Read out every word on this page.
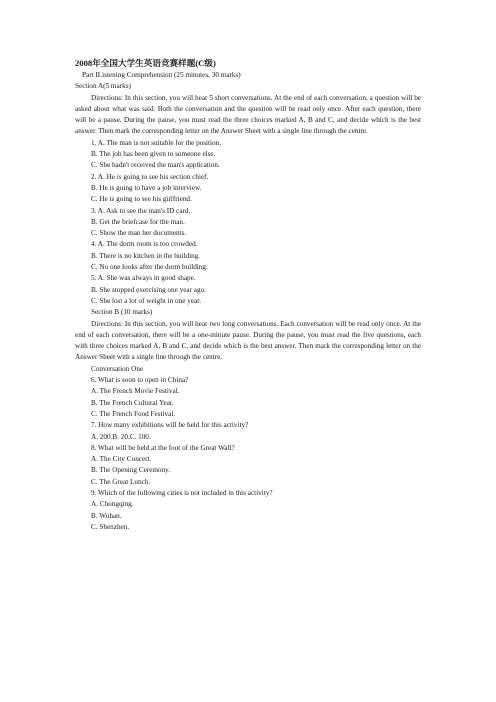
2008年全国大学生英语竞赛样题(C级)
Part IListening Comprehension (25 minutes, 30 marks)
Section A(5 marks)
Directions: In this section, you will hear 5 short conversations. At the end of each conversation, a question will be asked about what was said. Both the conversation and the question will be read only once. After each question, there will be a pause. During the pause, you must read the three choices marked A, B and C, and decide which is the best answer. Then mark the corresponding letter on the Answer Sheet with a single line through the centre.
1. A. The man is not suitable for the position.
B. The job has been given to someone else.
C. She hadn't received the man's application.
2. A. He is going to see his section chief.
B. He is going to have a job interview.
C. He is going to see his girlfriend.
3. A. Ask to see the man's ID card.
B. Get the briefcase for the man.
C. Show the man her documents.
4. A. The dorm room is too crowded.
B. There is no kitchen in the building.
C. No one looks after the dorm building.
5. A. She was always in good shape.
B. She stopped exercising one year ago.
C. She lost a lot of weight in one year.
Section B (10 marks)
Directions: In this section, you will hear two long conversations. Each conversation will be read only once. At the end of each conversation, there will be a one-minute pause. During the pause, you must read the five questions, each with three choices marked A, B and C, and decide which is the best answer. Then mark the corresponding letter on the Answer Sheet with a single line through the centre.
Conversation One
6. What is soon to open in China?
A. The French Movie Festival.
B. The French Cultural Year.
C. The French Food Festival.
7. How many exhibitions will be held for this activity?
A. 200.B. 20.C. 100.
8. What will be held at the foot of the Great Wall?
A. The City Concert.
B. The Opening Ceremony.
C. The Great Lunch.
9. Which of the following cities is not included in this activity?
A. Chongqing.
B. Wuhan.
C. Shenzhen.
